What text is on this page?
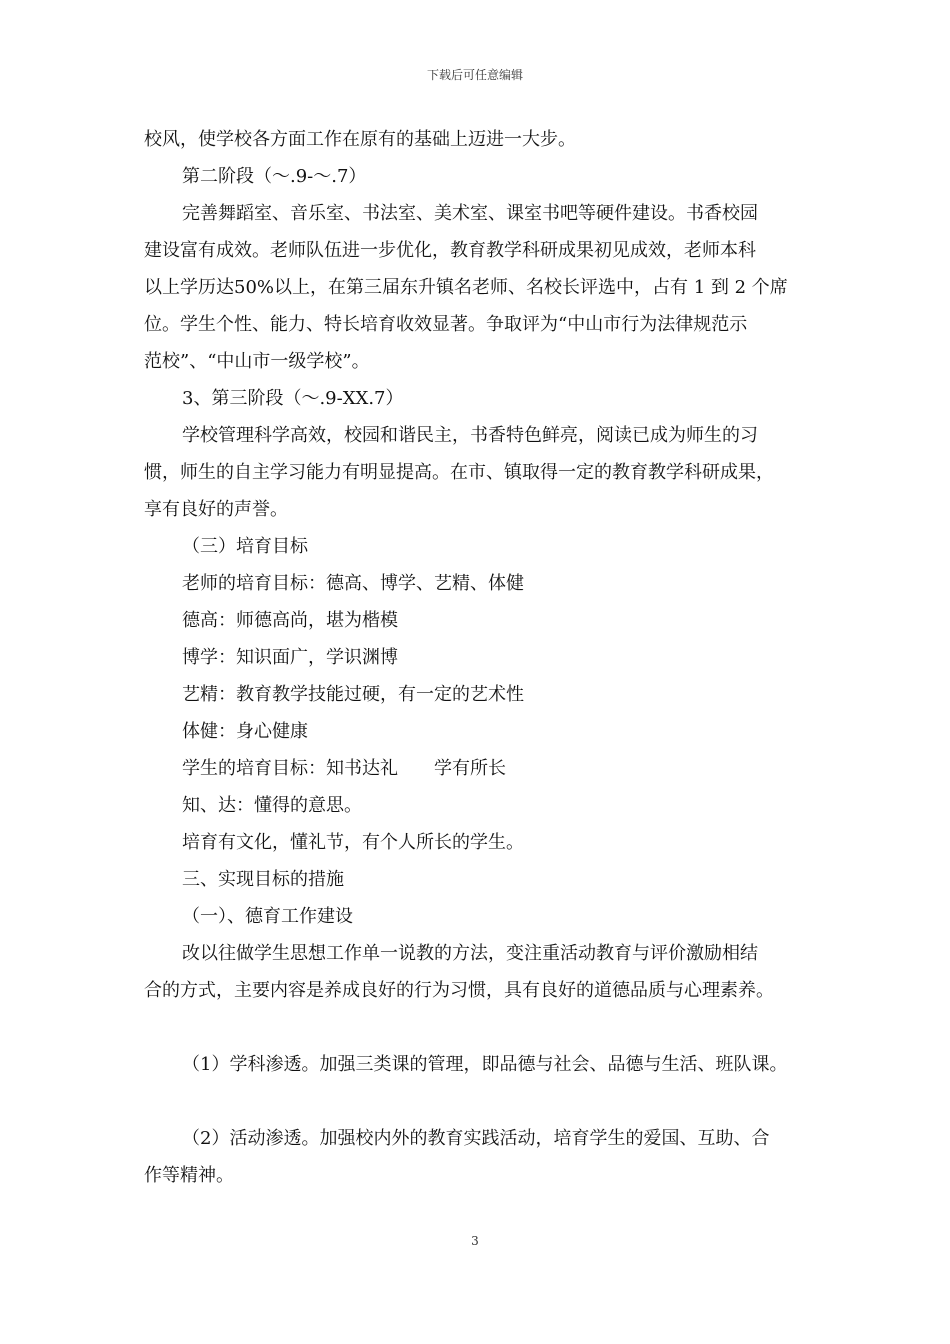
下载后可任意编辑
校风，使学校各方面工作在原有的基础上迈进一大步。
第二阶段（～.9-～.7）
完善舞蹈室、音乐室、书法室、美术室、课室书吧等硬件建设。书香校园
建设富有成效。老师队伍进一步优化，教育教学科研成果初见成效，老师本科
以上学历达50%以上，在第三届东升镇名老师、名校长评选中，占有 1 到 2 个席
位。学生个性、能力、特长培育收效显著。争取评为“中山市行为法律规范示
范校”、“中山市一级学校”。
3、第三阶段（～.9-XX.7）
学校管理科学高效，校园和谐民主，书香特色鲜亮，阅读已成为师生的习
惯，师生的自主学习能力有明显提高。在市、镇取得一定的教育教学科研成果，
享有良好的声誉。
（三）培育目标
老师的培育目标：德高、博学、艺精、体健
德高：师德高尚，堪为楷模
博学：知识面广，学识渊博
艺精：教育教学技能过硬，有一定的艺术性
体健：身心健康
学生的培育目标：知书达礼　　学有所长
知、达：懂得的意思。
培育有文化，懂礼节，有个人所长的学生。
三、实现目标的措施
（一）、德育工作建设
改以往做学生思想工作单一说教的方法，变注重活动教育与评价激励相结
合的方式，主要内容是养成良好的行为习惯，具有良好的道德品质与心理素养。
（1）学科渗透。加强三类课的管理，即品德与社会、品德与生活、班队课。
（2）活动渗透。加强校内外的教育实践活动，培育学生的爱国、互助、合
作等精神。
3
